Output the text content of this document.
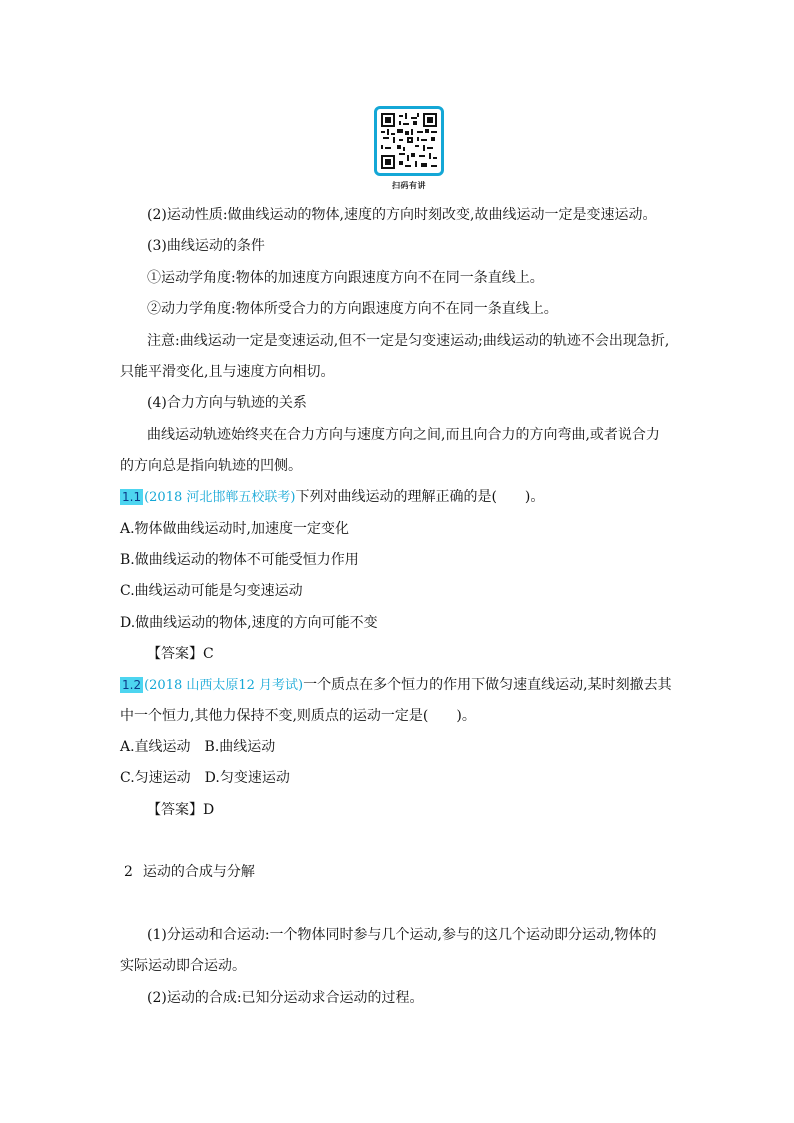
扫码有讲
(2)运动性质:做曲线运动的物体,速度的方向时刻改变,故曲线运动一定是变速运动。
(3)曲线运动的条件
①运动学角度:物体的加速度方向跟速度方向不在同一条直线上。
②动力学角度:物体所受合力的方向跟速度方向不在同一条直线上。
注意:曲线运动一定是变速运动,但不一定是匀变速运动;曲线运动的轨迹不会出现急折,
只能平滑变化,且与速度方向相切。
(4)合力方向与轨迹的关系
曲线运动轨迹始终夹在合力方向与速度方向之间,而且向合力的方向弯曲,或者说合力
的方向总是指向轨迹的凹侧。
1.1 (2018 河北邯郸五校联考)下列对曲线运动的理解正确的是(　　)。
A.物体做曲线运动时,加速度一定变化
B.做曲线运动的物体不可能受恒力作用
C.曲线运动可能是匀变速运动
D.做曲线运动的物体,速度的方向可能不变
【答案】C
1.2 (2018 山西太原12 月考试)一个质点在多个恒力的作用下做匀速直线运动,某时刻撤去其
中一个恒力,其他力保持不变,则质点的运动一定是(　　)。
A.直线运动　B.曲线运动
C.匀速运动　D.匀变速运动
【答案】D
2 运动的合成与分解
(1)分运动和合运动:一个物体同时参与几个运动,参与的这几个运动即分运动,物体的
实际运动即合运动。
(2)运动的合成:已知分运动求合运动的过程。
